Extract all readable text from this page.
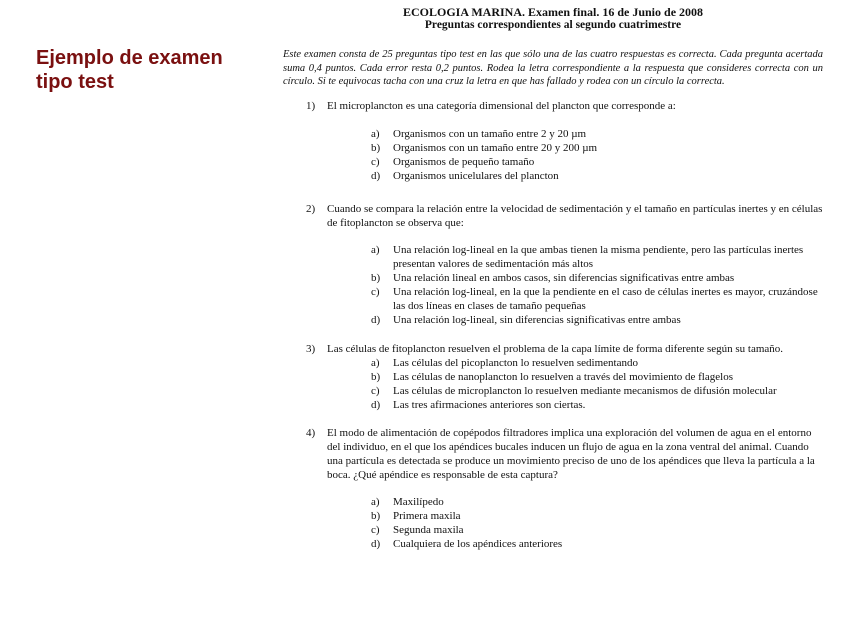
Ejemplo de examen tipo test
ECOLOGIA MARINA. Examen final. 16 de Junio de 2008
Preguntas correspondientes al segundo cuatrimestre

Este examen consta de 25 preguntas tipo test en las que sólo una de las cuatro respuestas es correcta. Cada pregunta acertada suma 0,4 puntos. Cada error resta 0,2 puntos. Rodea la letra correspondiente a la respuesta que consideres correcta con un círculo. Si te equivocas tacha con una cruz la letra en que has fallado y rodea con un círculo la correcta.

1) El microplancton es una categoría dimensional del plancton que corresponde a:
a) Organismos con un tamaño entre 2 y 20 µm
b) Organismos con un tamaño entre 20 y 200 µm
c) Organismos de pequeño tamaño
d) Organismos unicelulares del plancton
2) Cuando se compara la relación entre la velocidad de sedimentación y el tamaño en partículas inertes y en células de fitoplancton se observa que:
a) Una relación log-lineal en la que ambas tienen la misma pendiente, pero las partículas inertes presentan valores de sedimentación más altos
b) Una relación lineal en ambos casos, sin diferencias significativas entre ambas
c) Una relación log-lineal, en la que la pendiente en el caso de células inertes es mayor, cruzándose las dos líneas en clases de tamaño pequeñas
d) Una relación log-lineal, sin diferencias significativas entre ambas
3) Las células de fitoplancton resuelven el problema de la capa límite de forma diferente según su tamaño.
a) Las células del picoplancton lo resuelven sedimentando
b) Las células de nanoplancton lo resuelven a través del movimiento de flagelos
c) Las células de microplancton lo resuelven mediante mecanismos de difusión molecular
d) Las tres afirmaciones anteriores son ciertas.
4) El modo de alimentación de copépodos filtradores implica una exploración del volumen de agua en el entorno del individuo, en el que los apéndices bucales inducen un flujo de agua en la zona ventral del animal. Cuando una partícula es detectada se produce un movimiento preciso de uno de los apéndices que lleva la partícula a la boca. ¿Qué apéndice es responsable de esta captura?
a) Maxilípedo
b) Primera maxila
c) Segunda maxila
d) Cualquiera de los apéndices anteriores
